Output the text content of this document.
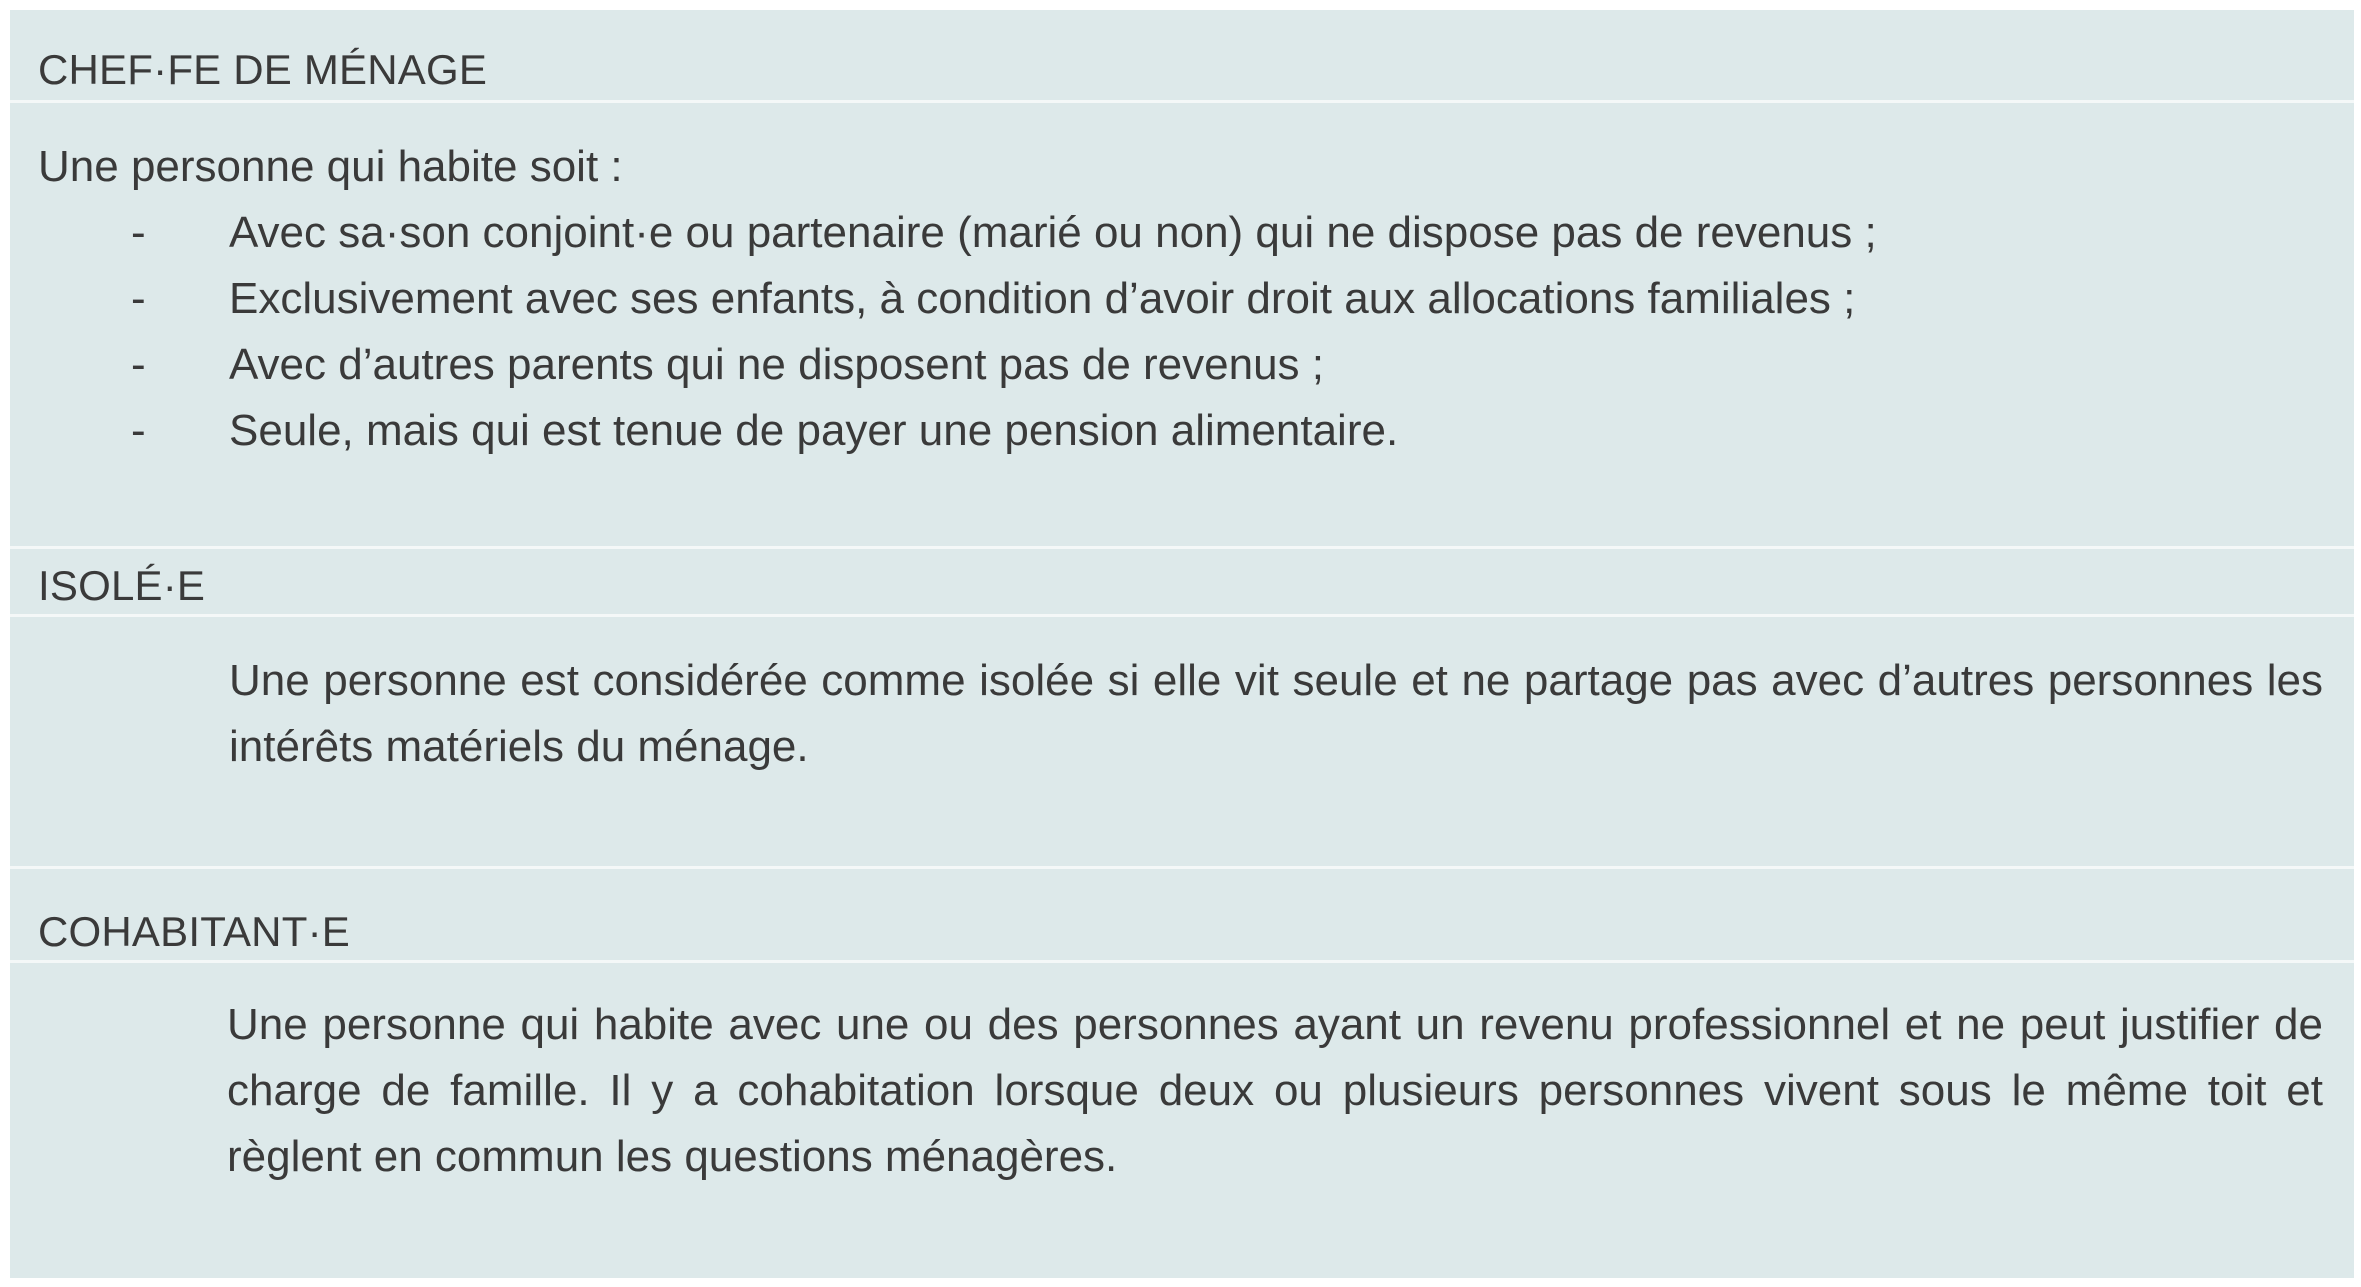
CHEF·FE DE MÉNAGE
Une personne qui habite soit :
- Avec sa·son conjoint·e ou partenaire (marié ou non) qui ne dispose pas de revenus ;
- Exclusivement avec ses enfants, à condition d’avoir droit aux allocations familiales ;
- Avec d’autres parents qui ne disposent pas de revenus ;
- Seule, mais qui est tenue de payer une pension alimentaire.
ISOLÉ·E

Une personne est considérée comme isolée si elle vit seule et ne partage pas avec d’autres personnes les intérêts matériels du ménage.

COHABITANT·E

Une personne qui habite avec une ou des personnes ayant un revenu professionnel et ne peut justifier de charge de famille. Il y a cohabitation lorsque deux ou plusieurs personnes vivent sous le même toit et règlent en commun les questions ménagères.
